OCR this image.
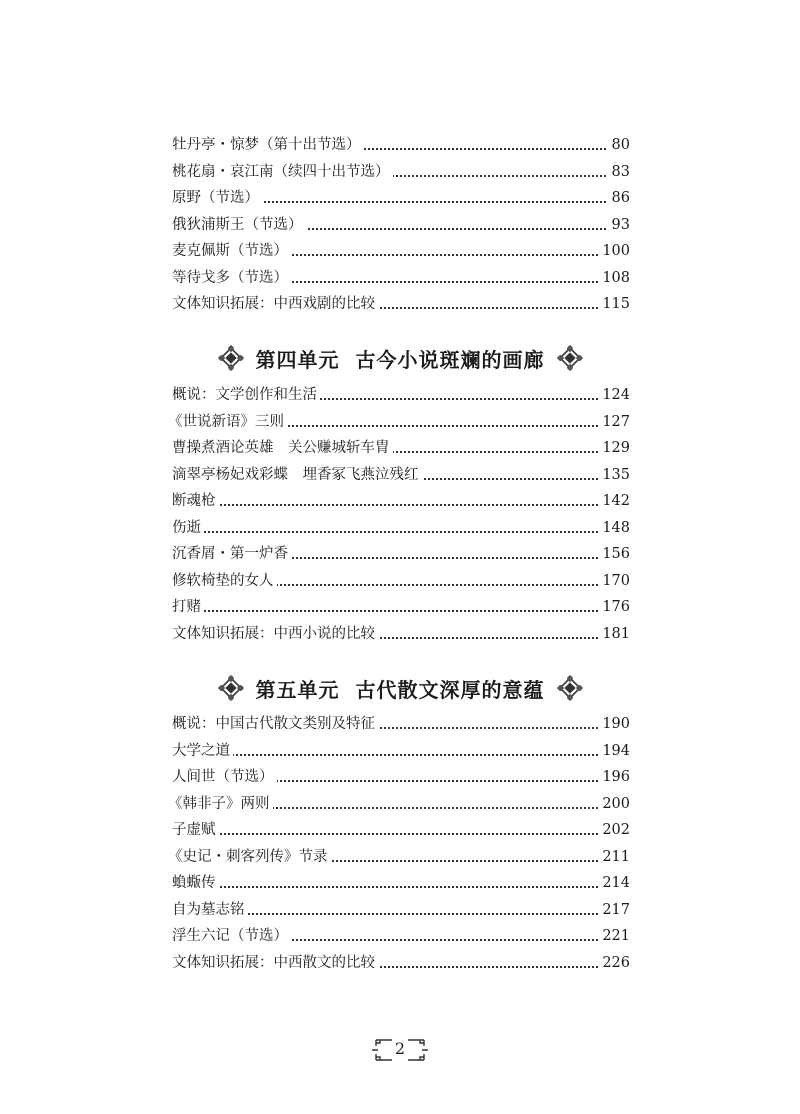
牡丹亭・惊梦（第十出节选）	80
桃花扇・哀江南（续四十出节选）	83
原野（节选）	86
俄狄浦斯王（节选）	93
麦克佩斯（节选）	100
等待戈多（节选）	108
文体知识拓展：中西戏剧的比较	115
第四单元 古今小说斑斓的画廊
概说：文学创作和生活	124
《世说新语》三则	127
曹操煮酒论英雄　关公赚城斩车胄	129
滴翠亭杨妃戏彩蝶　埋香冢飞燕泣残红	135
断魂枪	142
伤逝	148
沉香屑・第一炉香	156
修软椅垫的女人	170
打赌	176
文体知识拓展：中西小说的比较	181
第五单元 古代散文深厚的意蕴
概说：中国古代散文类别及特征	190
大学之道	194
人间世（节选）	196
《韩非子》两则	200
子虚赋	202
《史记・刺客列传》节录	211
蝜蝂传	214
自为墓志铭	217
浮生六记（节选）	221
文体知识拓展：中西散文的比较	226
2
